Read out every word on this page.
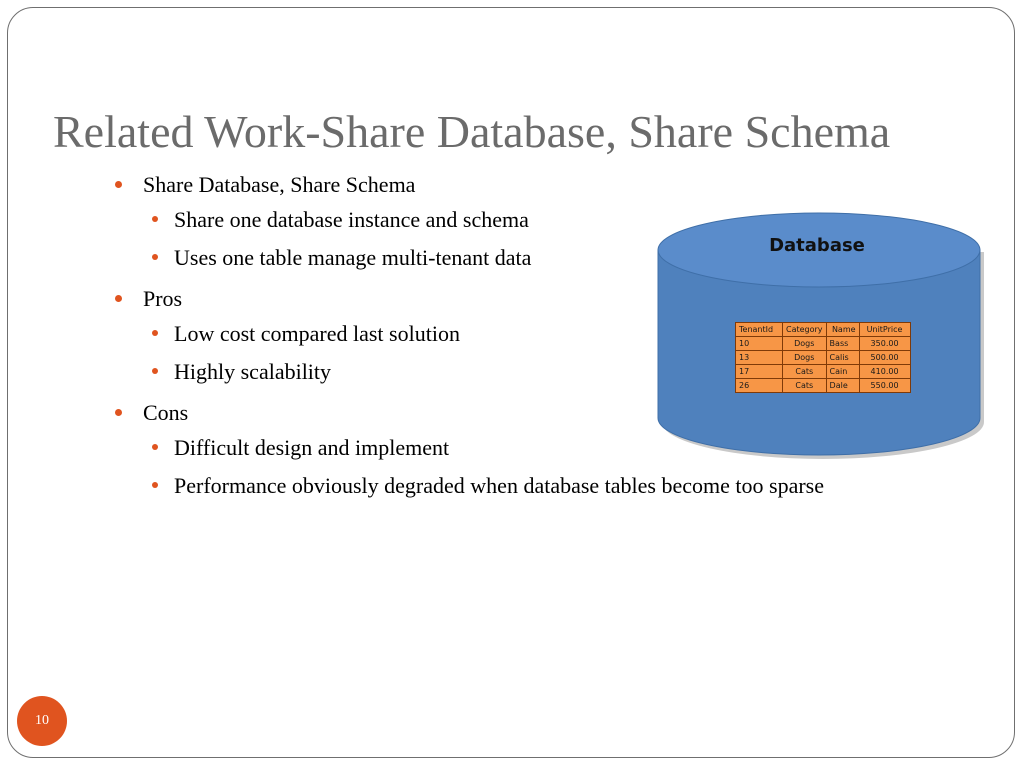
Related Work-Share Database, Share Schema
Share Database, Share Schema
Share one database instance and schema
Uses one table manage multi-tenant data
Pros
Low cost compared last solution
Highly scalability
Cons
Difficult design and implement
Performance obviously degraded when database tables become too sparse
Database
TenantId	Category	Name	UnitPrice
10	Dogs	Bass	350.00
13	Dogs	Calis	500.00
17	Cats	Cain	410.00
26	Cats	Dale	550.00
10
